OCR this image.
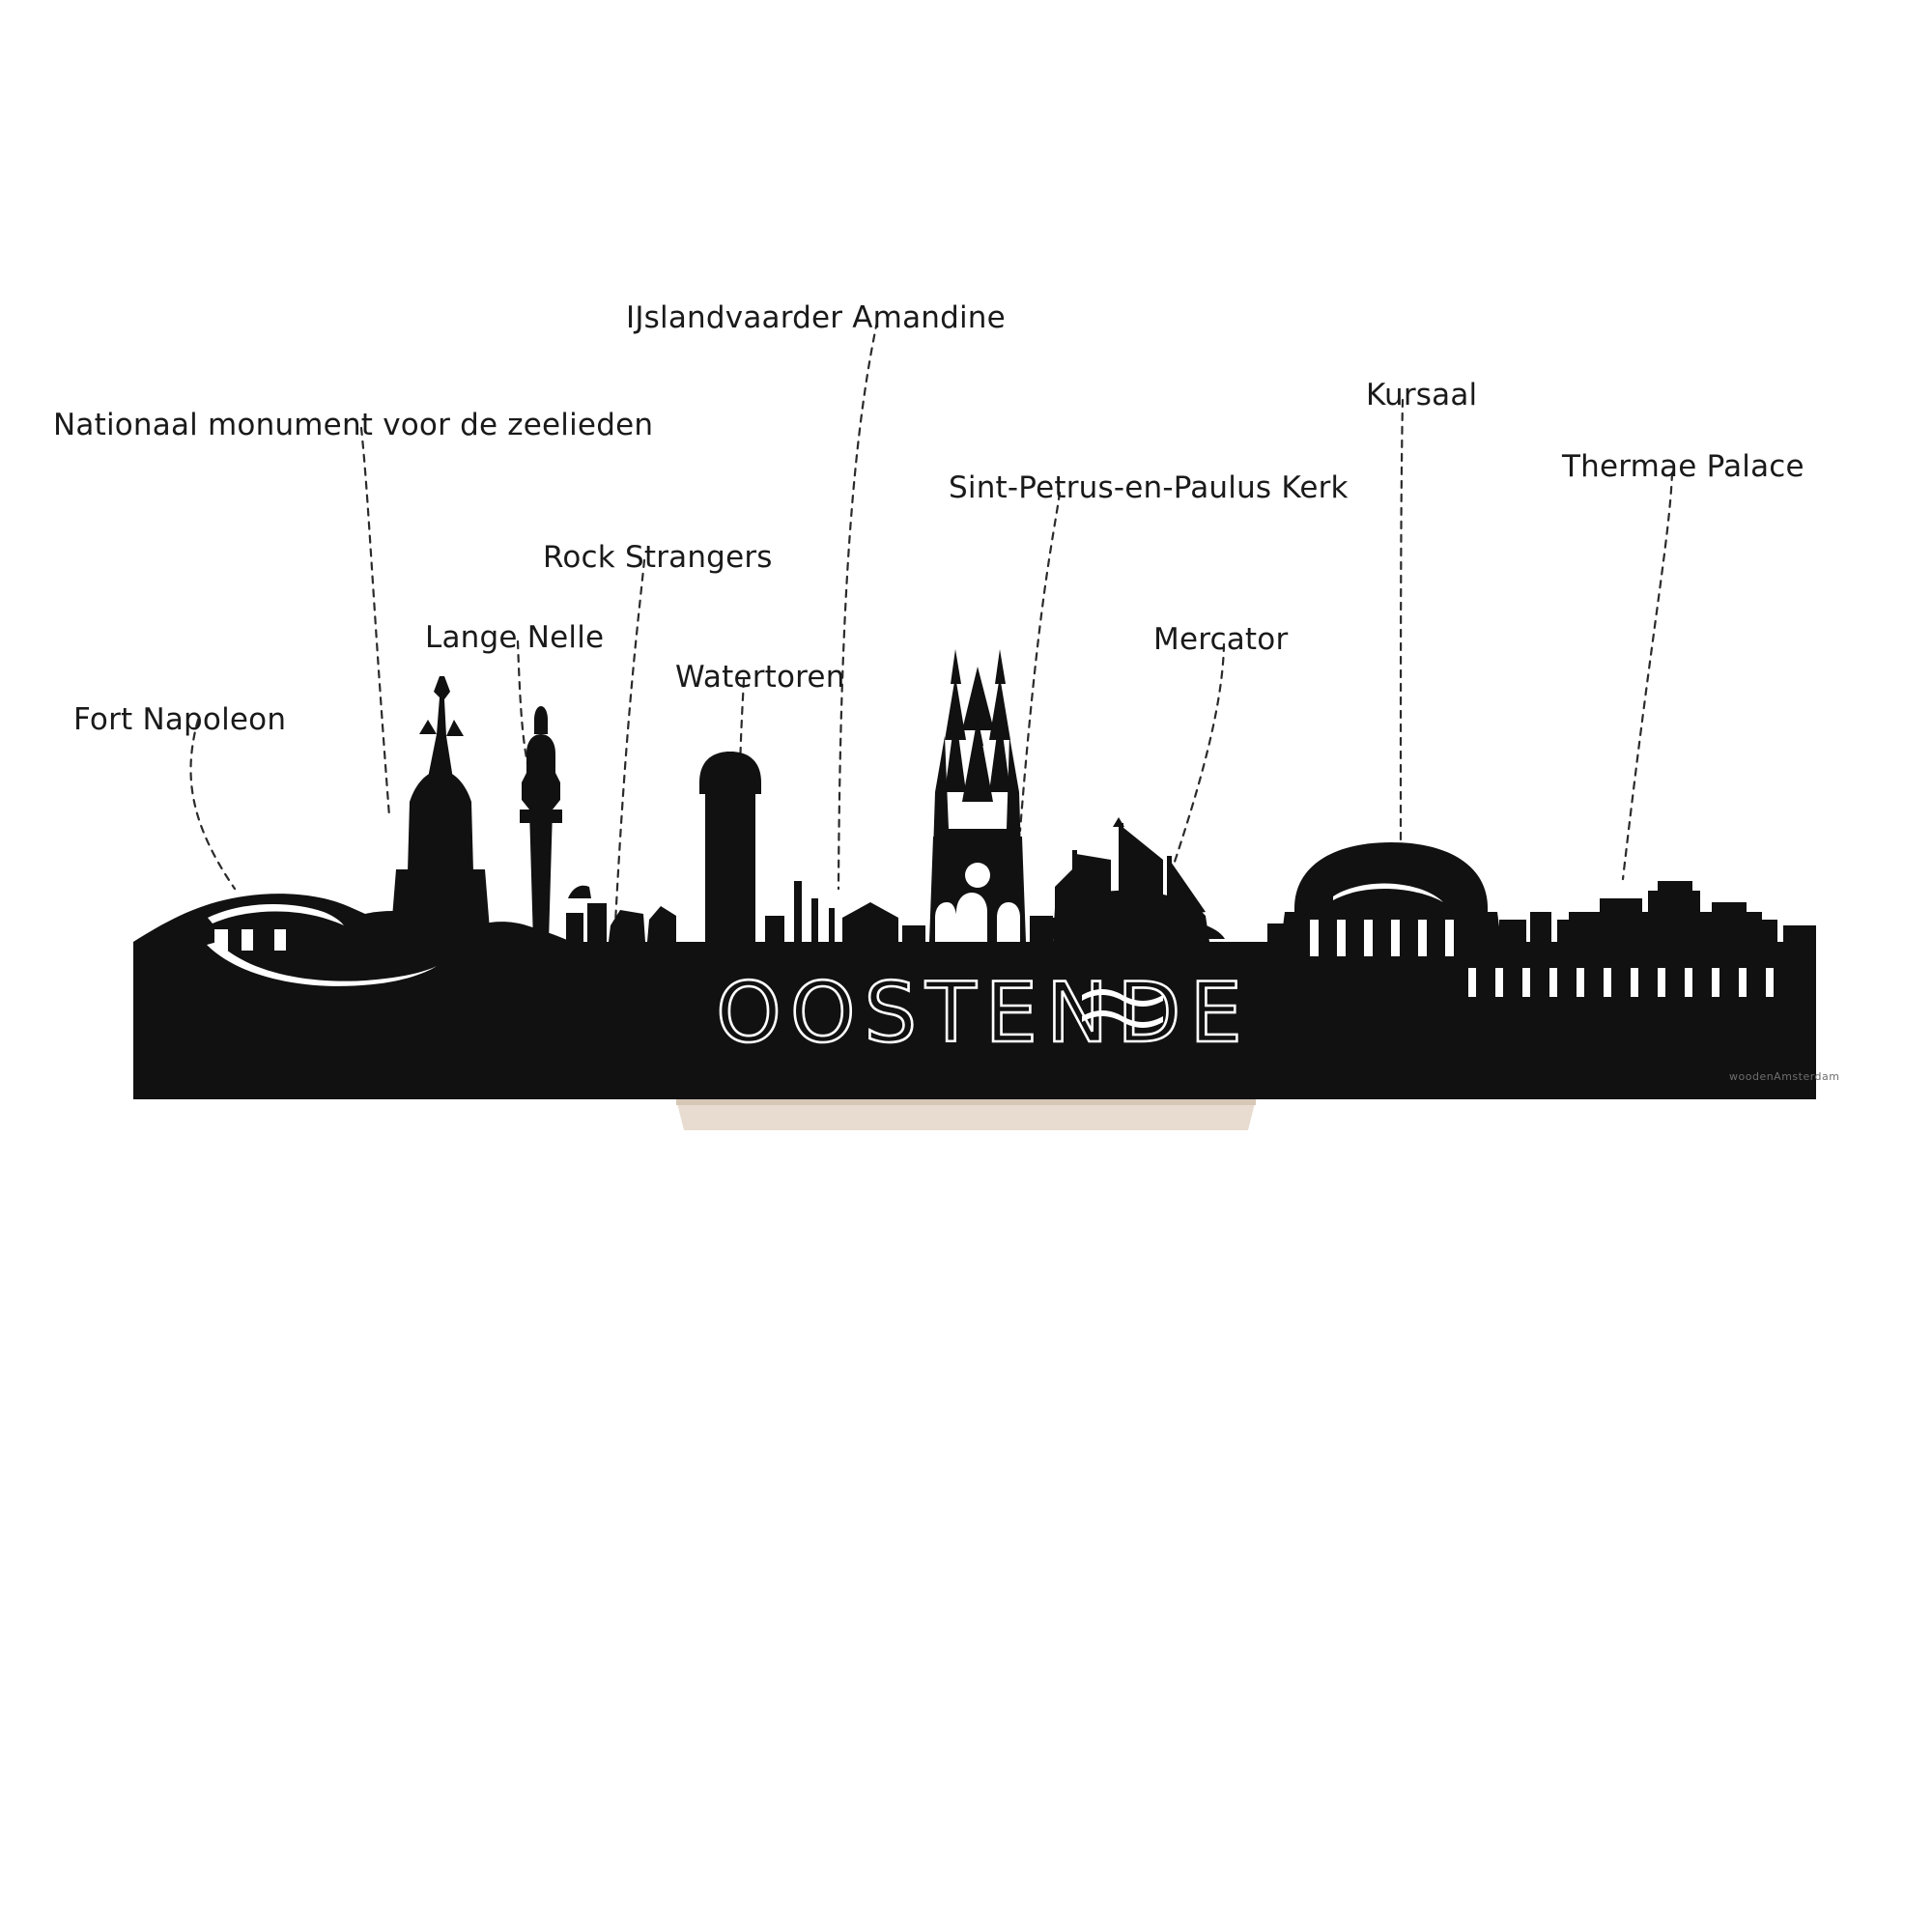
OOSTENDE
Fort Napoleon
Nationaal monument voor de zeelieden
Lange Nelle
Rock Strangers
Watertoren
IJslandvaarder Amandine
Sint-Petrus-en-Paulus Kerk
Mercator
Kursaal
Thermae Palace
woodenAmsterdam
